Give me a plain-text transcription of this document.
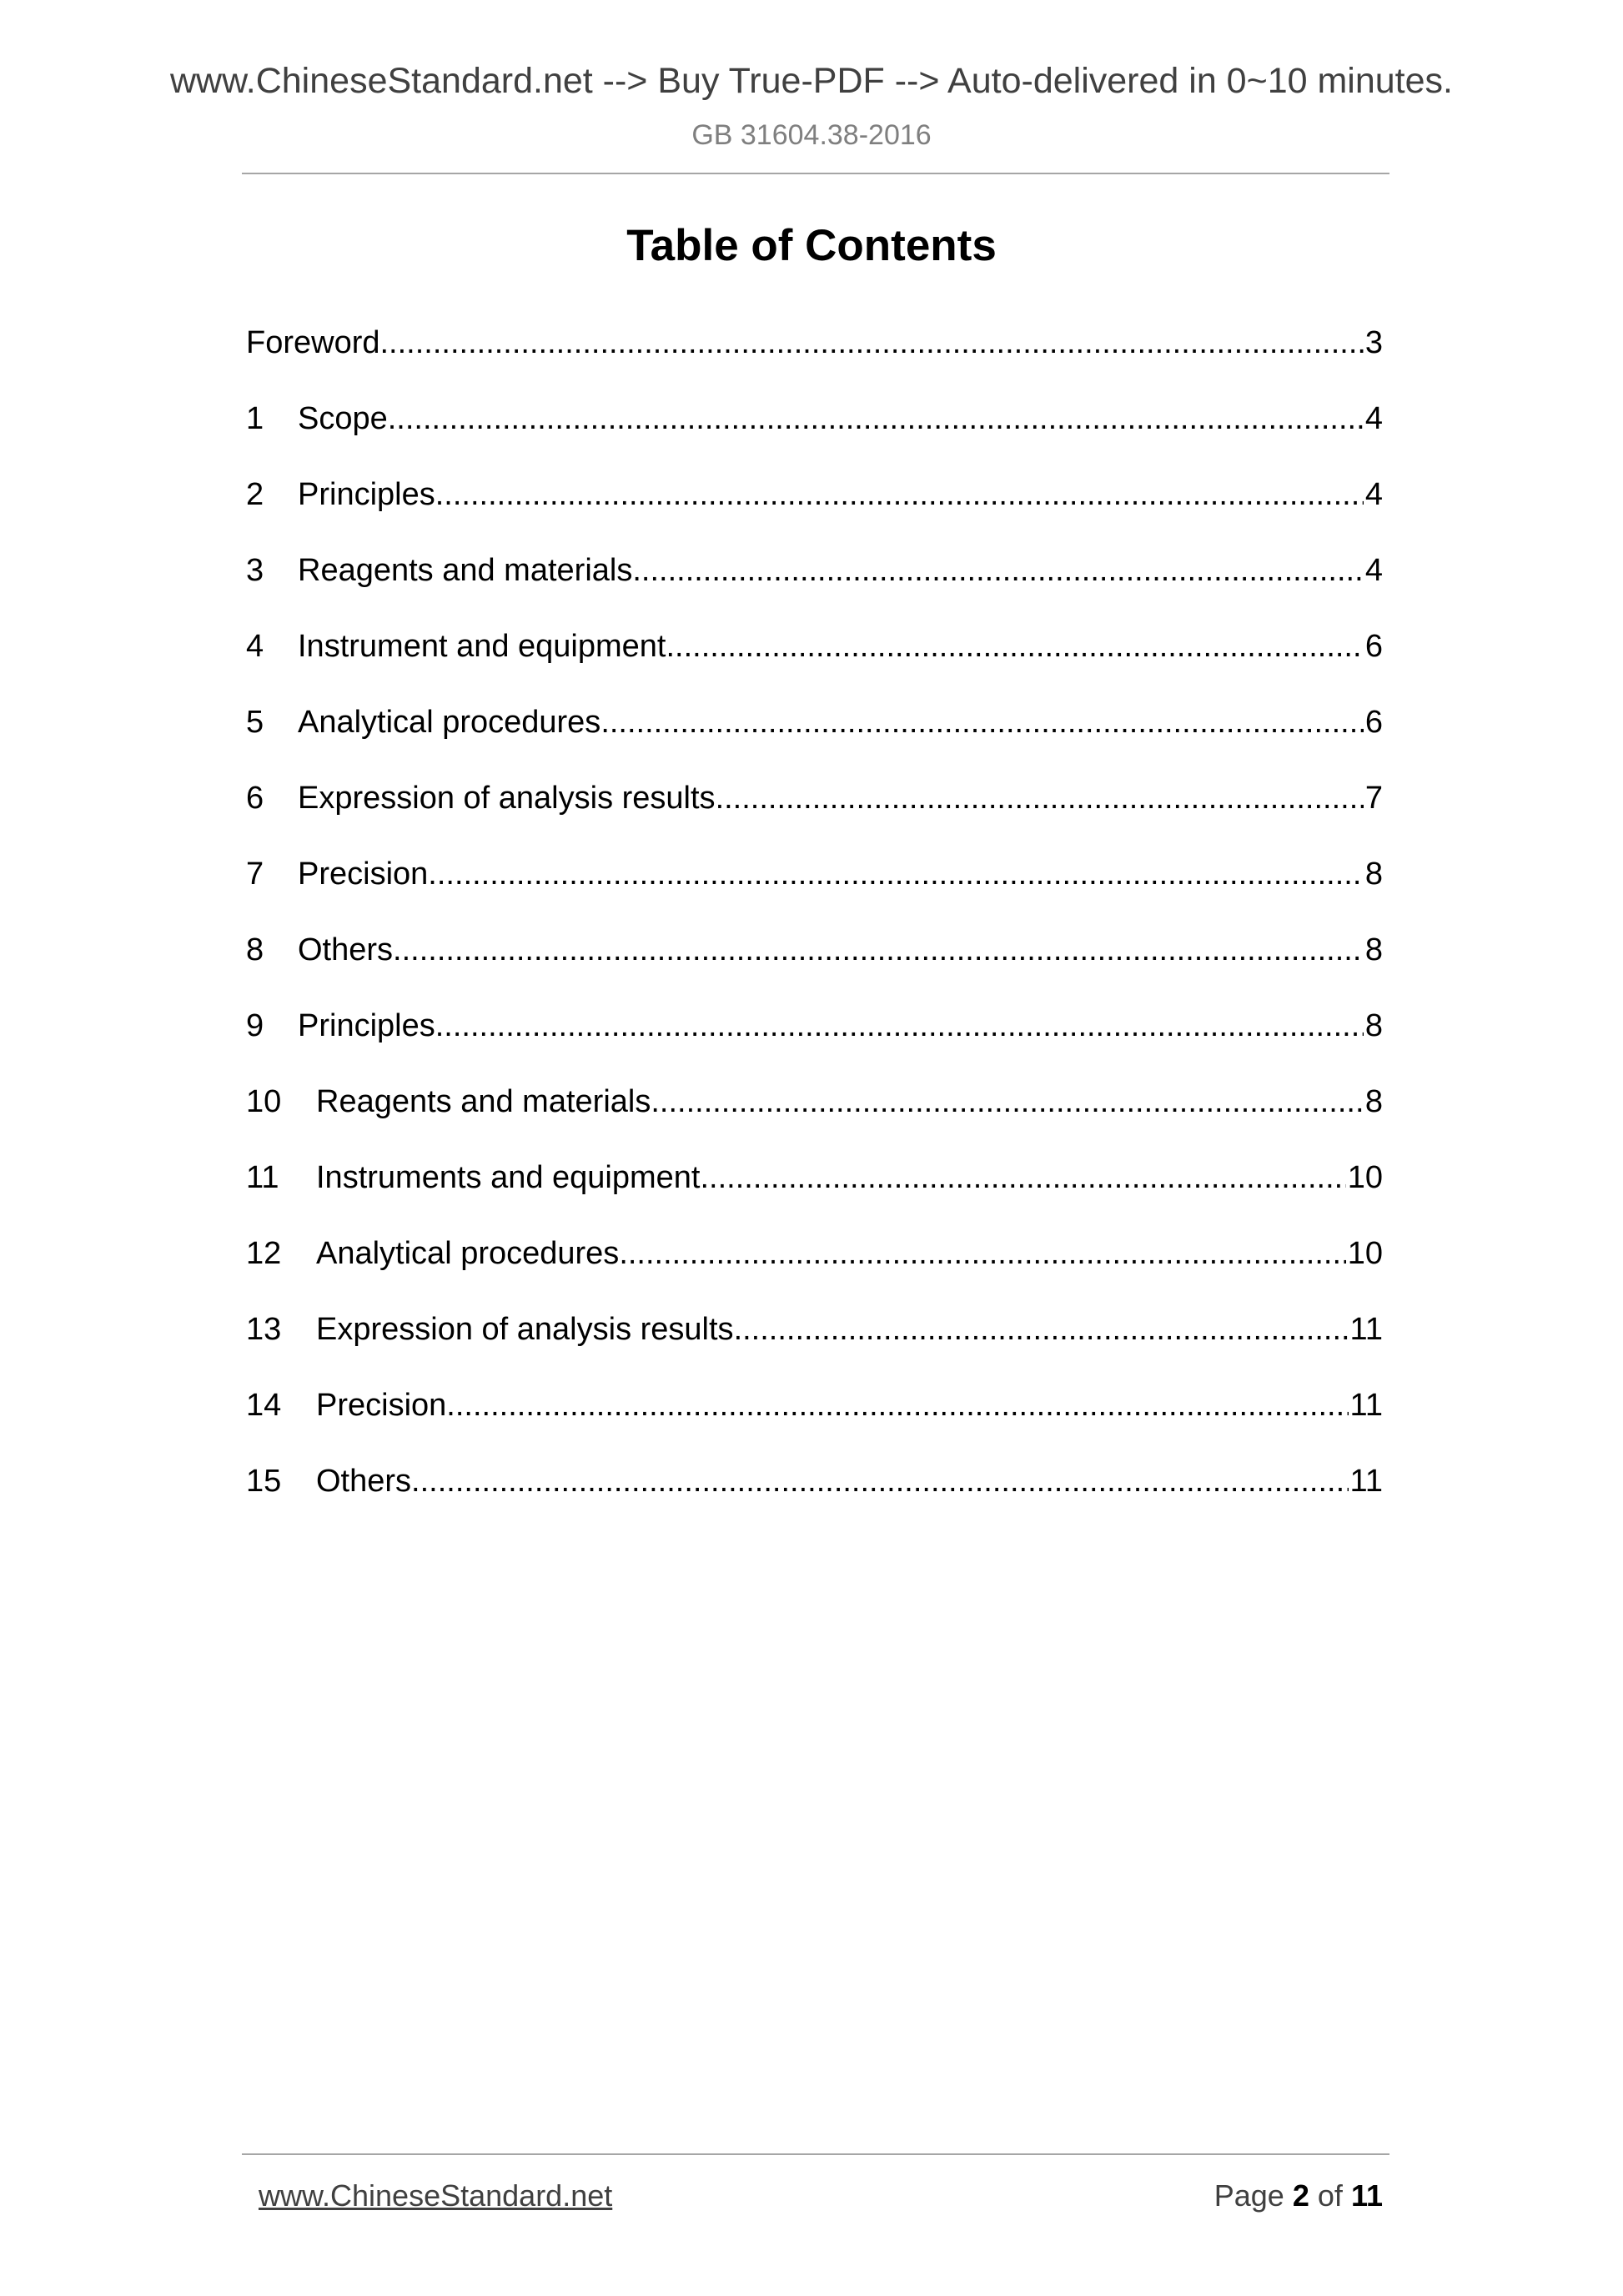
www.ChineseStandard.net --> Buy True-PDF --> Auto-delivered in 0~10 minutes.
GB 31604.38-2016
Table of Contents
Foreword .....	3
1	Scope .....	4
2	Principles .....	4
3	Reagents and materials .....	4
4	Instrument and equipment .....	6
5	Analytical procedures .....	6
6	Expression of analysis results .....	7
7	Precision .....	8
8	Others .....	8
9	Principles .....	8
10	Reagents and materials .....	8
11	Instruments and equipment .....	10
12	Analytical procedures .....	10
13	Expression of analysis results .....	11
14	Precision .....	11
15	Others .....	11
www.ChineseStandard.net	Page 2 of 11
